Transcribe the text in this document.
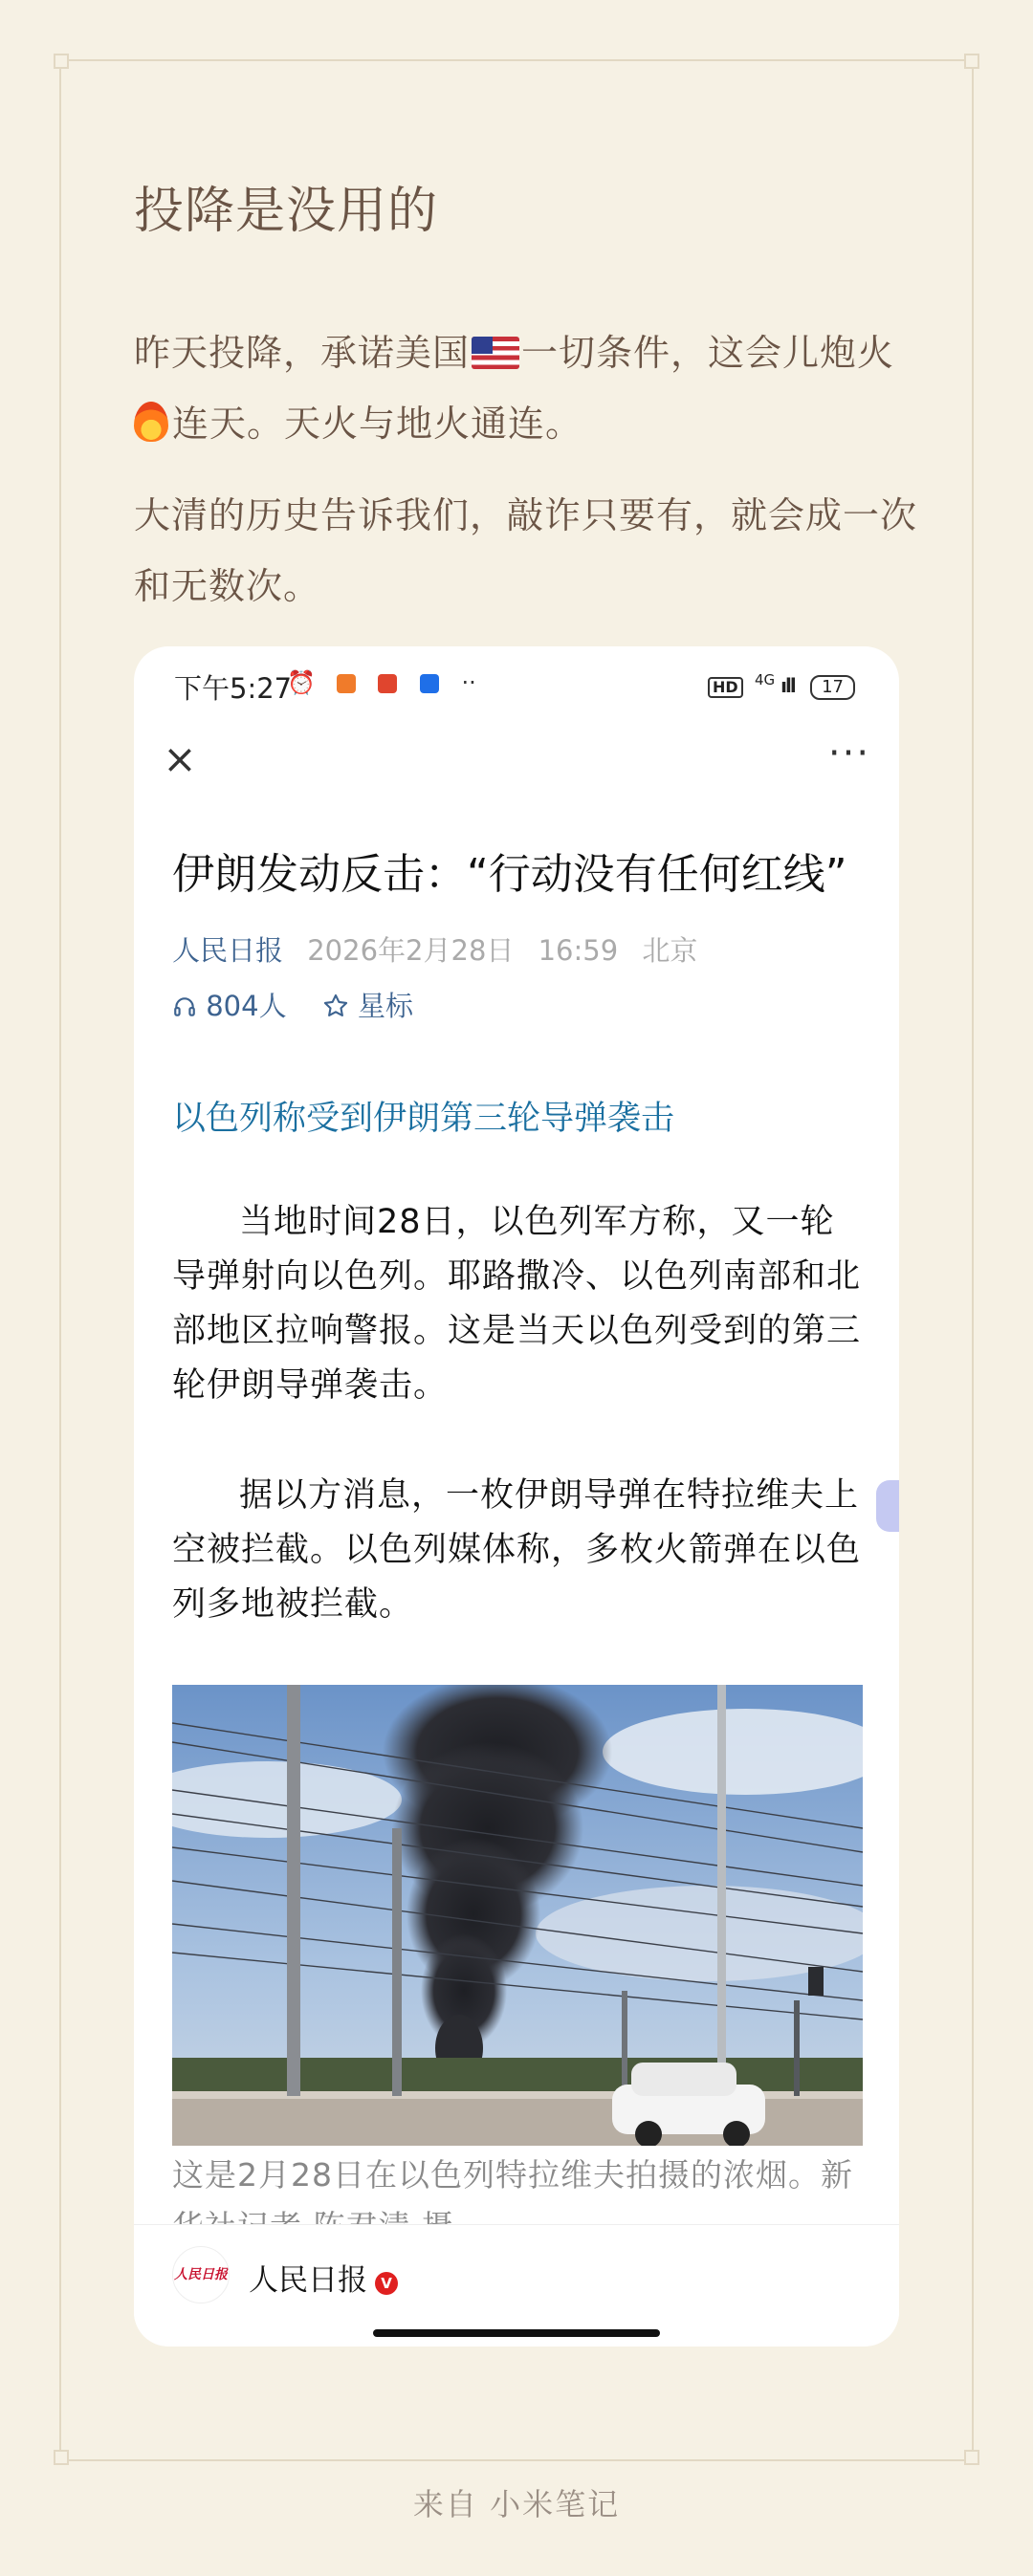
投降是没用的
昨天投降，承诺美国 一切条件，这会儿炮火
连天。天火与地火通连。
大清的历史告诉我们，敲诈只要有，就会成一次和无数次。
下午5:27
⏰	··	HD $^{4G}$ ıll 17
×	···
伊朗发动反击：“行动没有任何红线”
人民日报 2026年2月28日 16:59 北京
804人	星标
以色列称受到伊朗第三轮导弹袭击
当地时间28日，以色列军方称，又一轮导弹射向以色列。耶路撒冷、以色列南部和北部地区拉响警报。这是当天以色列受到的第三轮伊朗导弹袭击。
据以方消息，一枚伊朗导弹在特拉维夫上空被拦截。以色列媒体称，多枚火箭弹在以色列多地被拦截。
这是2月28日在以色列特拉维夫拍摄的浓烟。新
人民日报 人民日报 V
来自 小米笔记
